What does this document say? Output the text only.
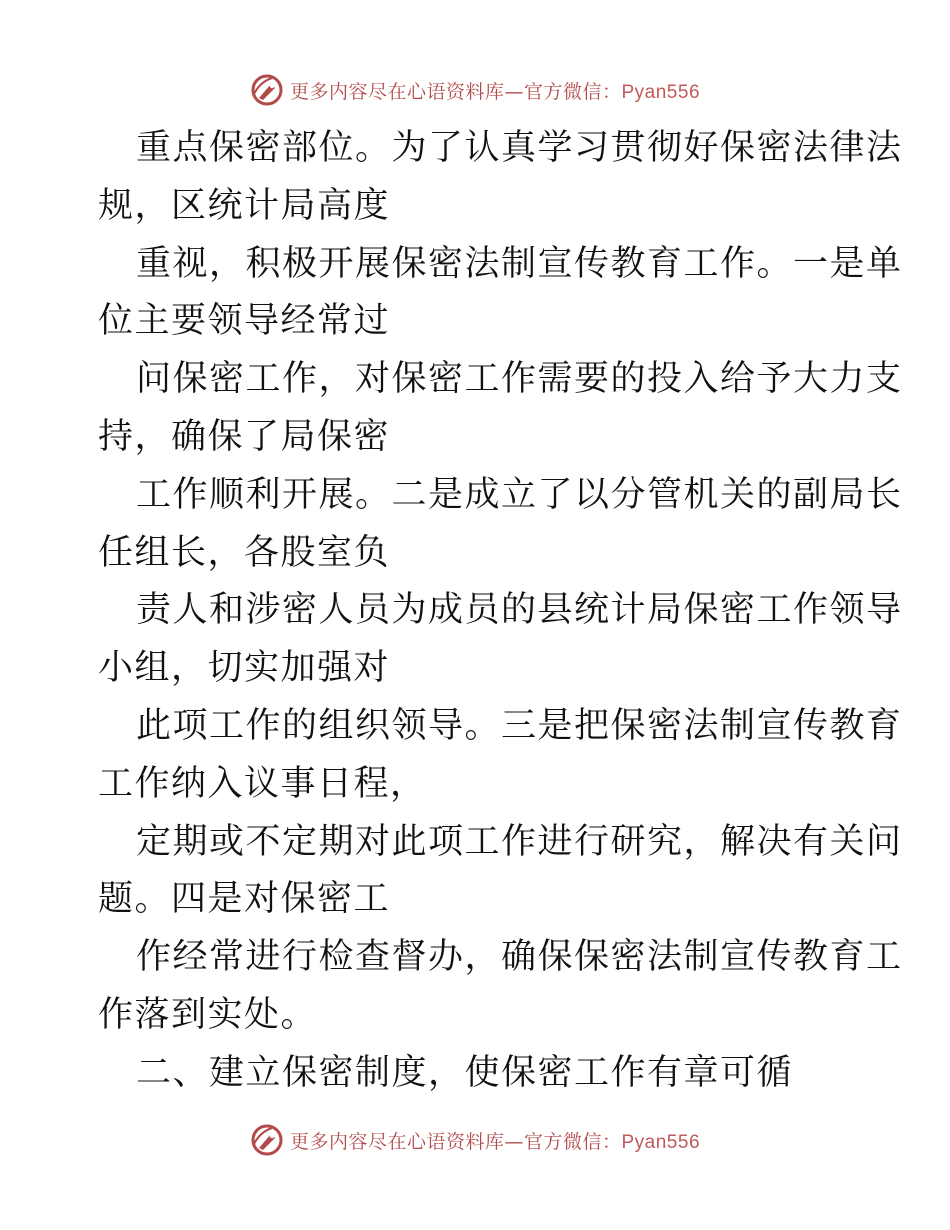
更多内容尽在心语资料库—官方微信：Pyan556
重点保密部位。为了认真学习贯彻好保密法律法
规，区统计局高度
重视，积极开展保密法制宣传教育工作。一是单
位主要领导经常过
问保密工作，对保密工作需要的投入给予大力支
持，确保了局保密
工作顺利开展。二是成立了以分管机关的副局长
任组长，各股室负
责人和涉密人员为成员的县统计局保密工作领导
小组，切实加强对
此项工作的组织领导。三是把保密法制宣传教育
工作纳入议事日程，
定期或不定期对此项工作进行研究，解决有关问
题。四是对保密工
作经常进行检查督办，确保保密法制宣传教育工
作落到实处。
二、建立保密制度，使保密工作有章可循
更多内容尽在心语资料库—官方微信：Pyan556
